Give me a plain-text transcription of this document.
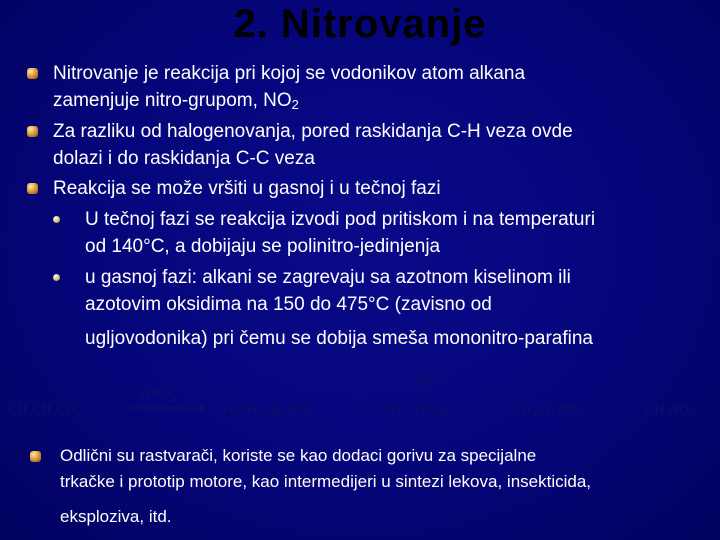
2. Nitrovanje
Nitrovanje je reakcija pri kojoj se vodonikov atom alkana
zamenjuje nitro-grupom, $NO_2$
Za razliku od halogenovanja, pored raskidanja C-H veza ovde
dolazi i do raskidanja C-C veza
Reakcija se može vršiti u gasnoj i u tečnoj fazi
U tečnoj fazi se reakcija izvodi pod pritiskom i na temperaturi
od 140°C, a dobijaju se polinitro-jedinjenja
u gasnoj fazi: alkani se zagrevaju sa azotnom kiselinom ili
azotovim oksidima na 150 do 475°C (zavisno od
ugljovodonika) pri čemu se dobija smeša mononitro-parafina
CH₃CH₂CH₃
HNO₃
CH₃CH₂CH₂NO₂	+
NO₂
CH₃CHCH₃	+ CH₃CH₂NO₂	+ CH₃NO₂
Odlični su rastvarači, koriste se kao dodaci gorivu za specijalne
trkačke i prototip motore, kao intermedijeri u sintezi lekova, insekticida,
eksploziva, itd.
